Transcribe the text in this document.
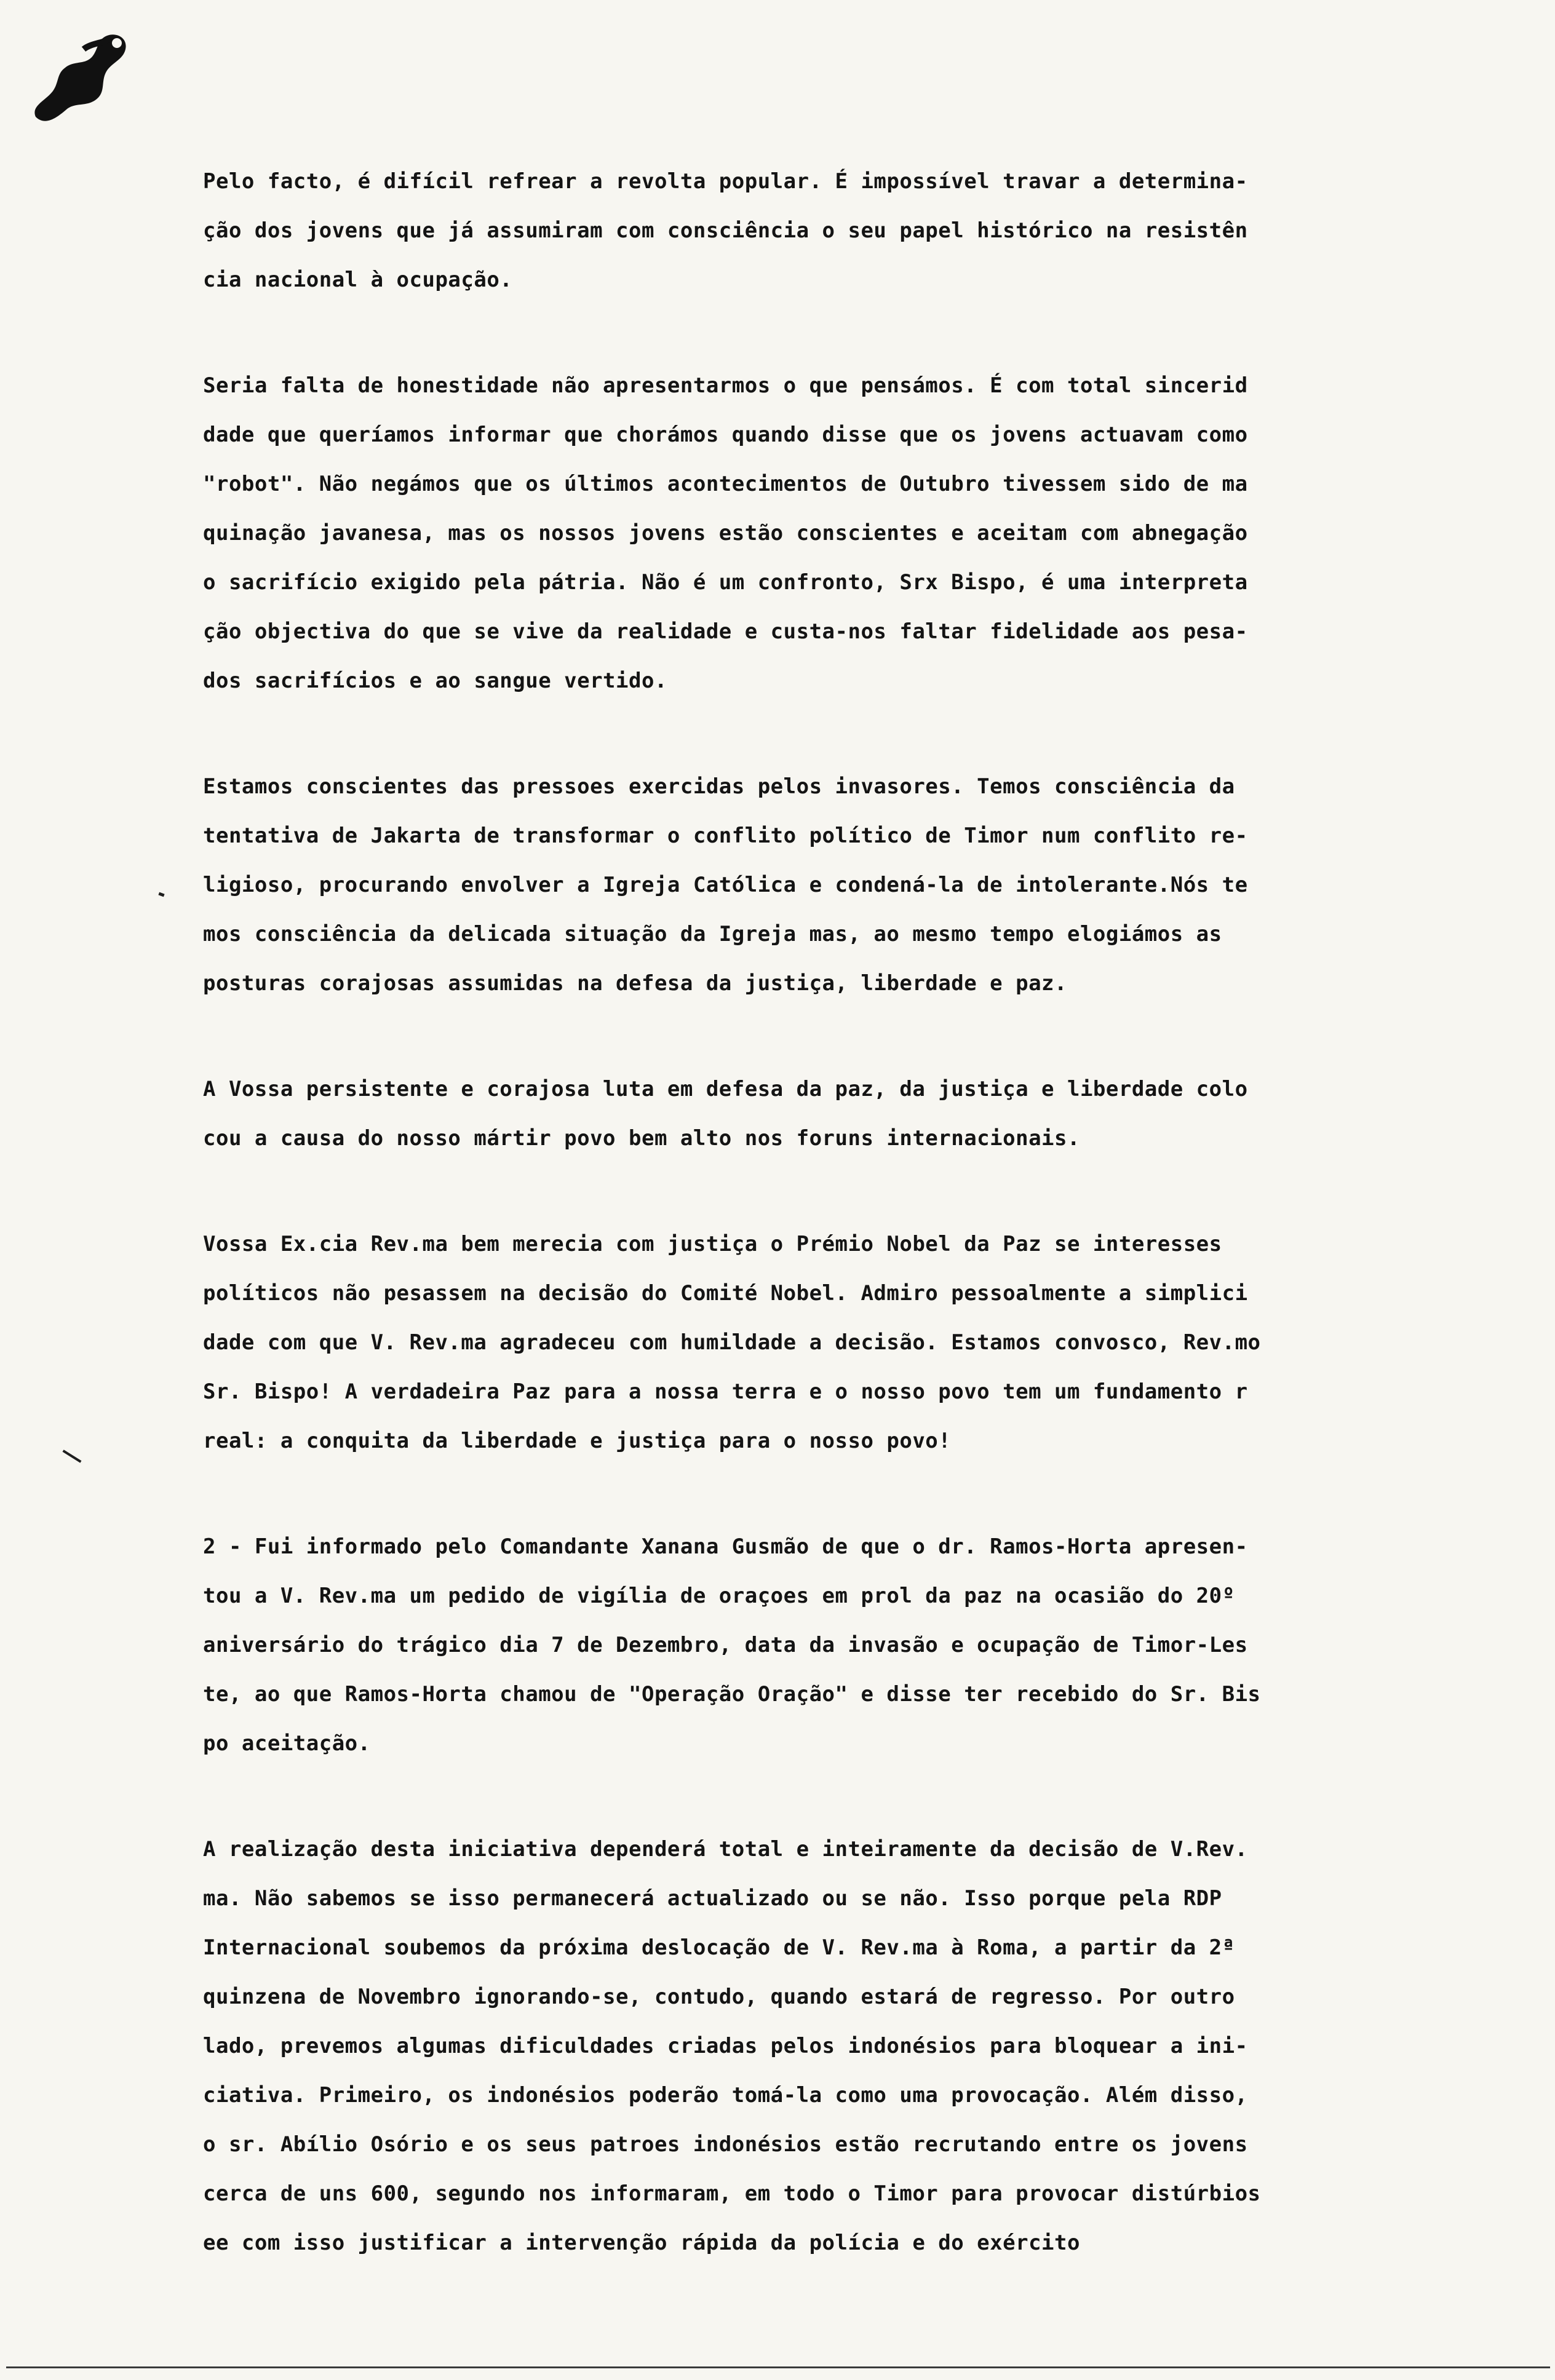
Pelo facto, é difícil refrear a revolta popular. É impossível travar a determina-
ção dos jovens que já assumiram com consciência o seu papel histórico na resistên
cia nacional à ocupação.
Seria falta de honestidade não apresentarmos o que pensámos. É com total sincerid
dade que queríamos informar que chorámos quando disse que os jovens actuavam como
"robot". Não negámos que os últimos acontecimentos de Outubro tivessem sido de ma
quinação javanesa, mas os nossos jovens estão conscientes e aceitam com abnegação
o sacrifício exigido pela pátria. Não é um confronto, Srx Bispo, é uma interpreta
ção objectiva do que se vive da realidade e custa-nos faltar fidelidade aos pesa-
dos sacrifícios e ao sangue vertido.
Estamos conscientes das pressoes exercidas pelos invasores. Temos consciência da
tentativa de Jakarta de transformar o conflito político de Timor num conflito re-
ligioso, procurando envolver a Igreja Católica e condená-la de intolerante.Nós te
mos consciência da delicada situação da Igreja mas, ao mesmo tempo elogiámos as
posturas corajosas assumidas na defesa da justiça, liberdade e paz.
A Vossa persistente e corajosa luta em defesa da paz, da justiça e liberdade colo
cou a causa do nosso mártir povo bem alto nos foruns internacionais.
Vossa Ex.cia Rev.ma bem merecia com justiça o Prémio Nobel da Paz se interesses
políticos não pesassem na decisão do Comité Nobel. Admiro pessoalmente a simplici
dade com que V. Rev.ma agradeceu com humildade a decisão. Estamos convosco, Rev.mo
Sr. Bispo! A verdadeira Paz para a nossa terra e o nosso povo tem um fundamento r
real: a conquita da liberdade e justiça para o nosso povo!
2 - Fui informado pelo Comandante Xanana Gusmão de que o dr. Ramos-Horta apresen-
tou a V. Rev.ma um pedido de vigília de oraçoes em prol da paz na ocasião do 20º
aniversário do trágico dia 7 de Dezembro, data da invasão e ocupação de Timor-Les
te, ao que Ramos-Horta chamou de "Operação Oração" e disse ter recebido do Sr. Bis
po aceitação.
A realização desta iniciativa dependerá total e inteiramente da decisão de V.Rev.
ma. Não sabemos se isso permanecerá actualizado ou se não. Isso porque pela RDP
Internacional soubemos da próxima deslocação de V. Rev.ma à Roma, a partir da 2ª
quinzena de Novembro ignorando-se, contudo, quando estará de regresso. Por outro
lado, prevemos algumas dificuldades criadas pelos indonésios para bloquear a ini-
ciativa. Primeiro, os indonésios poderão tomá-la como uma provocação. Além disso,
o sr. Abílio Osório e os seus patroes indonésios estão recrutando entre os jovens
cerca de uns 600, segundo nos informaram, em todo o Timor para provocar distúrbios
ee com isso justificar a intervenção rápida da polícia e do exército
